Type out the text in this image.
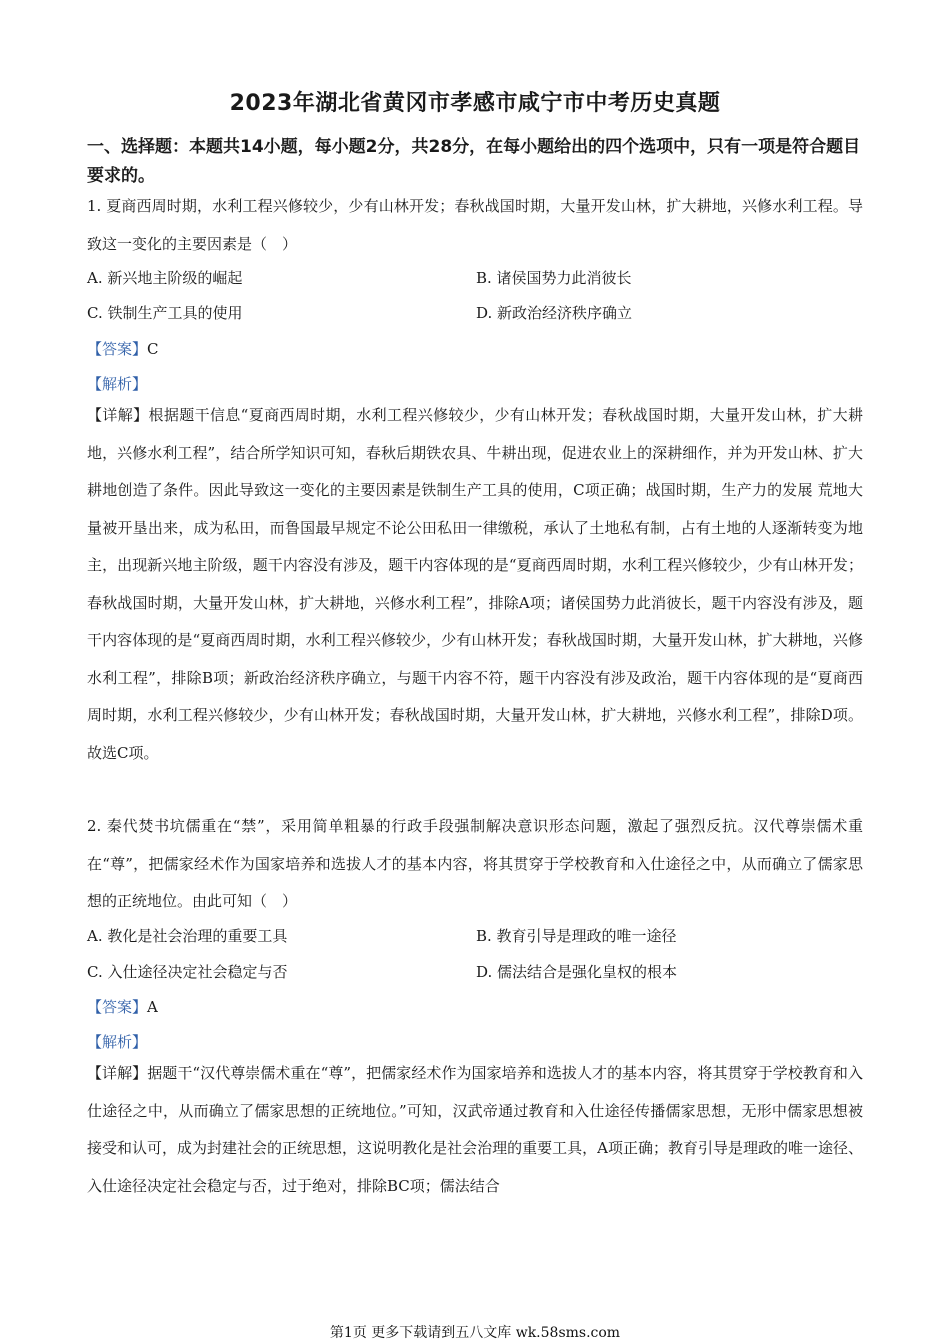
2023年湖北省黄冈市孝感市咸宁市中考历史真题
一、选择题：本题共14小题，每小题2分，共28分，在每小题给出的四个选项中，只有一项是符合题目要求的。
1. 夏商西周时期，水利工程兴修较少，少有山林开发；春秋战国时期，大量开发山林，扩大耕地，兴修水利工程。导致这一变化的主要因素是（　）
A. 新兴地主阶级的崛起	B. 诸侯国势力此消彼长
C. 铁制生产工具的使用	D. 新政治经济秩序确立
【答案】C
【解析】
【详解】根据题干信息“夏商西周时期，水利工程兴修较少，少有山林开发；春秋战国时期，大量开发山林，扩大耕地，兴修水利工程”，结合所学知识可知，春秋后期铁农具、牛耕出现，促进农业上的深耕细作，并为开发山林、扩大耕地创造了条件。因此导致这一变化的主要因素是铁制生产工具的使用，C项正确；战国时期，生产力的发展 荒地大量被开垦出来，成为私田，而鲁国最早规定不论公田私田一律缴税，承认了土地私有制，占有土地的人逐渐转变为地主，出现新兴地主阶级，题干内容没有涉及，题干内容体现的是“夏商西周时期，水利工程兴修较少，少有山林开发；春秋战国时期，大量开发山林，扩大耕地，兴修水利工程”，排除A项；诸侯国势力此消彼长，题干内容没有涉及，题干内容体现的是“夏商西周时期，水利工程兴修较少，少有山林开发；春秋战国时期，大量开发山林，扩大耕地，兴修水利工程”，排除B项；新政治经济秩序确立，与题干内容不符，题干内容没有涉及政治，题干内容体现的是“夏商西周时期，水利工程兴修较少，少有山林开发；春秋战国时期，大量开发山林，扩大耕地，兴修水利工程”，排除D项。故选C项。
2. 秦代焚书坑儒重在“禁”，采用简单粗暴的行政手段强制解决意识形态问题，激起了强烈反抗。汉代尊崇儒术重在“尊”，把儒家经术作为国家培养和选拔人才的基本内容，将其贯穿于学校教育和入仕途径之中，从而确立了儒家思想的正统地位。由此可知（　）
A. 教化是社会治理的重要工具	B. 教育引导是理政的唯一途径
C. 入仕途径决定社会稳定与否	D. 儒法结合是强化皇权的根本
【答案】A
【解析】
【详解】据题干“汉代尊崇儒术重在“尊”，把儒家经术作为国家培养和选拔人才的基本内容，将其贯穿于学校教育和入仕途径之中，从而确立了儒家思想的正统地位。”可知，汉武帝通过教育和入仕途径传播儒家思想，无形中儒家思想被接受和认可，成为封建社会的正统思想，这说明教化是社会治理的重要工具，A项正确；教育引导是理政的唯一途径、入仕途径决定社会稳定与否，过于绝对，排除BC项；儒法结合
第1页 更多下载请到五八文库 wk.58sms.com
